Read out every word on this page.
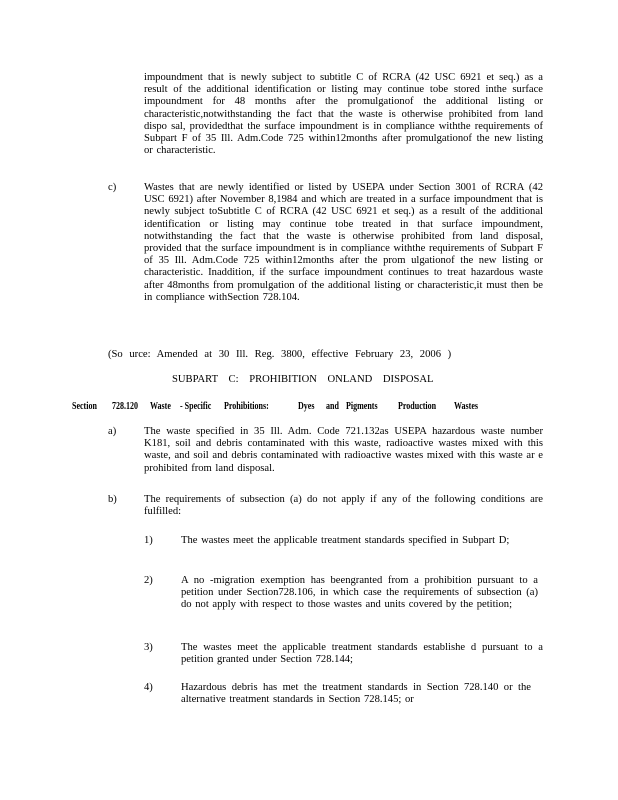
impoundment that is newly subject to subtitle C of RCRA (42 USC 6921 et seq.) as a result of the additional identification or listing may continue tobe stored inthe surface impoundment for 48 months after the promulgationof the additional listing or characteristic,notwithstanding the fact that the waste is otherwise prohibited from land dispo sal, providedthat the surface impoundment is in compliance withthe requirements of Subpart F of 35 Ill. Adm.Code 725 within12months after promulgationof the new listing or characteristic.
c)	Wastes that are newly identified or listed by USEPA under Section 3001 of RCRA (42 USC 6921) after November 8,1984 and which are treated in a surface impoundment that is newly subject toSubtitle C of RCRA (42 USC 6921 et seq.) as a result of the additional identification or listing may continue tobe treated in that surface impoundment, notwithstanding the fact that the waste is otherwise prohibited from land disposal, provided that the surface impoundment is in compliance withthe requirements of Subpart F of 35 Ill. Adm.Code 725 within12months after the prom ulgationof the new listing or characteristic. Inaddition, if the surface impoundment continues to treat hazardous waste after 48months from promulgation of the additional listing or characteristic,it must then be in compliance withSection 728.104.
(So urce: Amended at 30 Ill. Reg. 3800, effective February 23, 2006 )
SUBPART C: PROHIBITION ONLAND DISPOSAL
Section 728.120 Waste - Specific Prohibitions:	Dyes and Pigments	Production Wastes
a)	The waste specified in 35 Ill. Adm. Code 721.132as USEPA hazardous waste number K181, soil and debris contaminated with this waste, radioactive wastes mixed with this waste, and soil and debris contaminated with radioactive wastes mixed with this waste ar e prohibited from land disposal.
b)	The requirements of subsection (a) do not apply if any of the following conditions are fulfilled:
1)	The wastes meet the applicable treatment standards specified in Subpart D;
2)	A no -migration exemption has beengranted from a prohibition pursuant to a petition under Section728.106, in which case the requirements of subsection (a) do not apply with respect to those wastes and units covered by the petition;
3)	The wastes meet the applicable treatment standards establishe d pursuant to a petition granted under Section 728.144;
4)	Hazardous debris has met the treatment standards in Section 728.140 or the alternative treatment standards in Section 728.145; or
